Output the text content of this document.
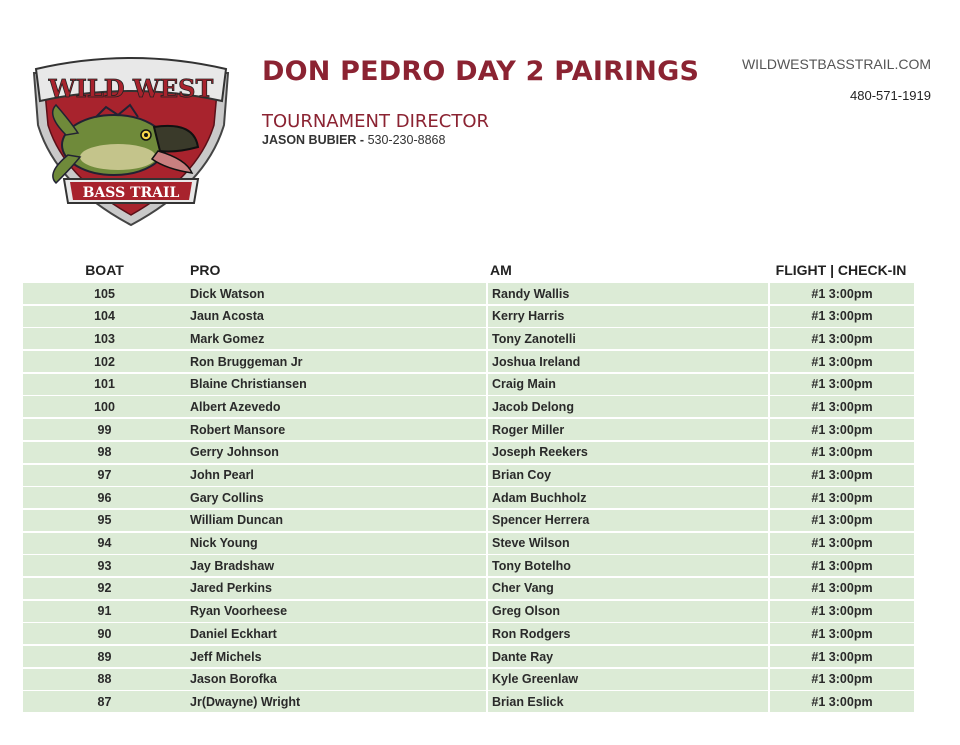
WILD WEST
BASS TRAIL
DON PEDRO DAY 2 PAIRINGS
TOURNAMENT DIRECTOR
JASON BUBIER - 530-230-8868
WILDWESTBASSTRAIL.COM
480-571-1919
BOAT	PRO	AM	FLIGHT | CHECK-IN
105	Dick Watson	Randy Wallis	#1 3:00pm
104	Jaun Acosta	Kerry Harris	#1 3:00pm
103	Mark Gomez	Tony Zanotelli	#1 3:00pm
102	Ron Bruggeman Jr	Joshua Ireland	#1 3:00pm
101	Blaine Christiansen	Craig Main	#1 3:00pm
100	Albert Azevedo	Jacob Delong	#1 3:00pm
99	Robert Mansore	Roger Miller	#1 3:00pm
98	Gerry Johnson	Joseph Reekers	#1 3:00pm
97	John Pearl	Brian Coy	#1 3:00pm
96	Gary Collins	Adam Buchholz	#1 3:00pm
95	William Duncan	Spencer Herrera	#1 3:00pm
94	Nick Young	Steve Wilson	#1 3:00pm
93	Jay Bradshaw	Tony Botelho	#1 3:00pm
92	Jared Perkins	Cher Vang	#1 3:00pm
91	Ryan Voorheese	Greg Olson	#1 3:00pm
90	Daniel Eckhart	Ron Rodgers	#1 3:00pm
89	Jeff Michels	Dante Ray	#1 3:00pm
88	Jason Borofka	Kyle Greenlaw	#1 3:00pm
87	Jr(Dwayne) Wright	Brian Eslick	#1 3:00pm
